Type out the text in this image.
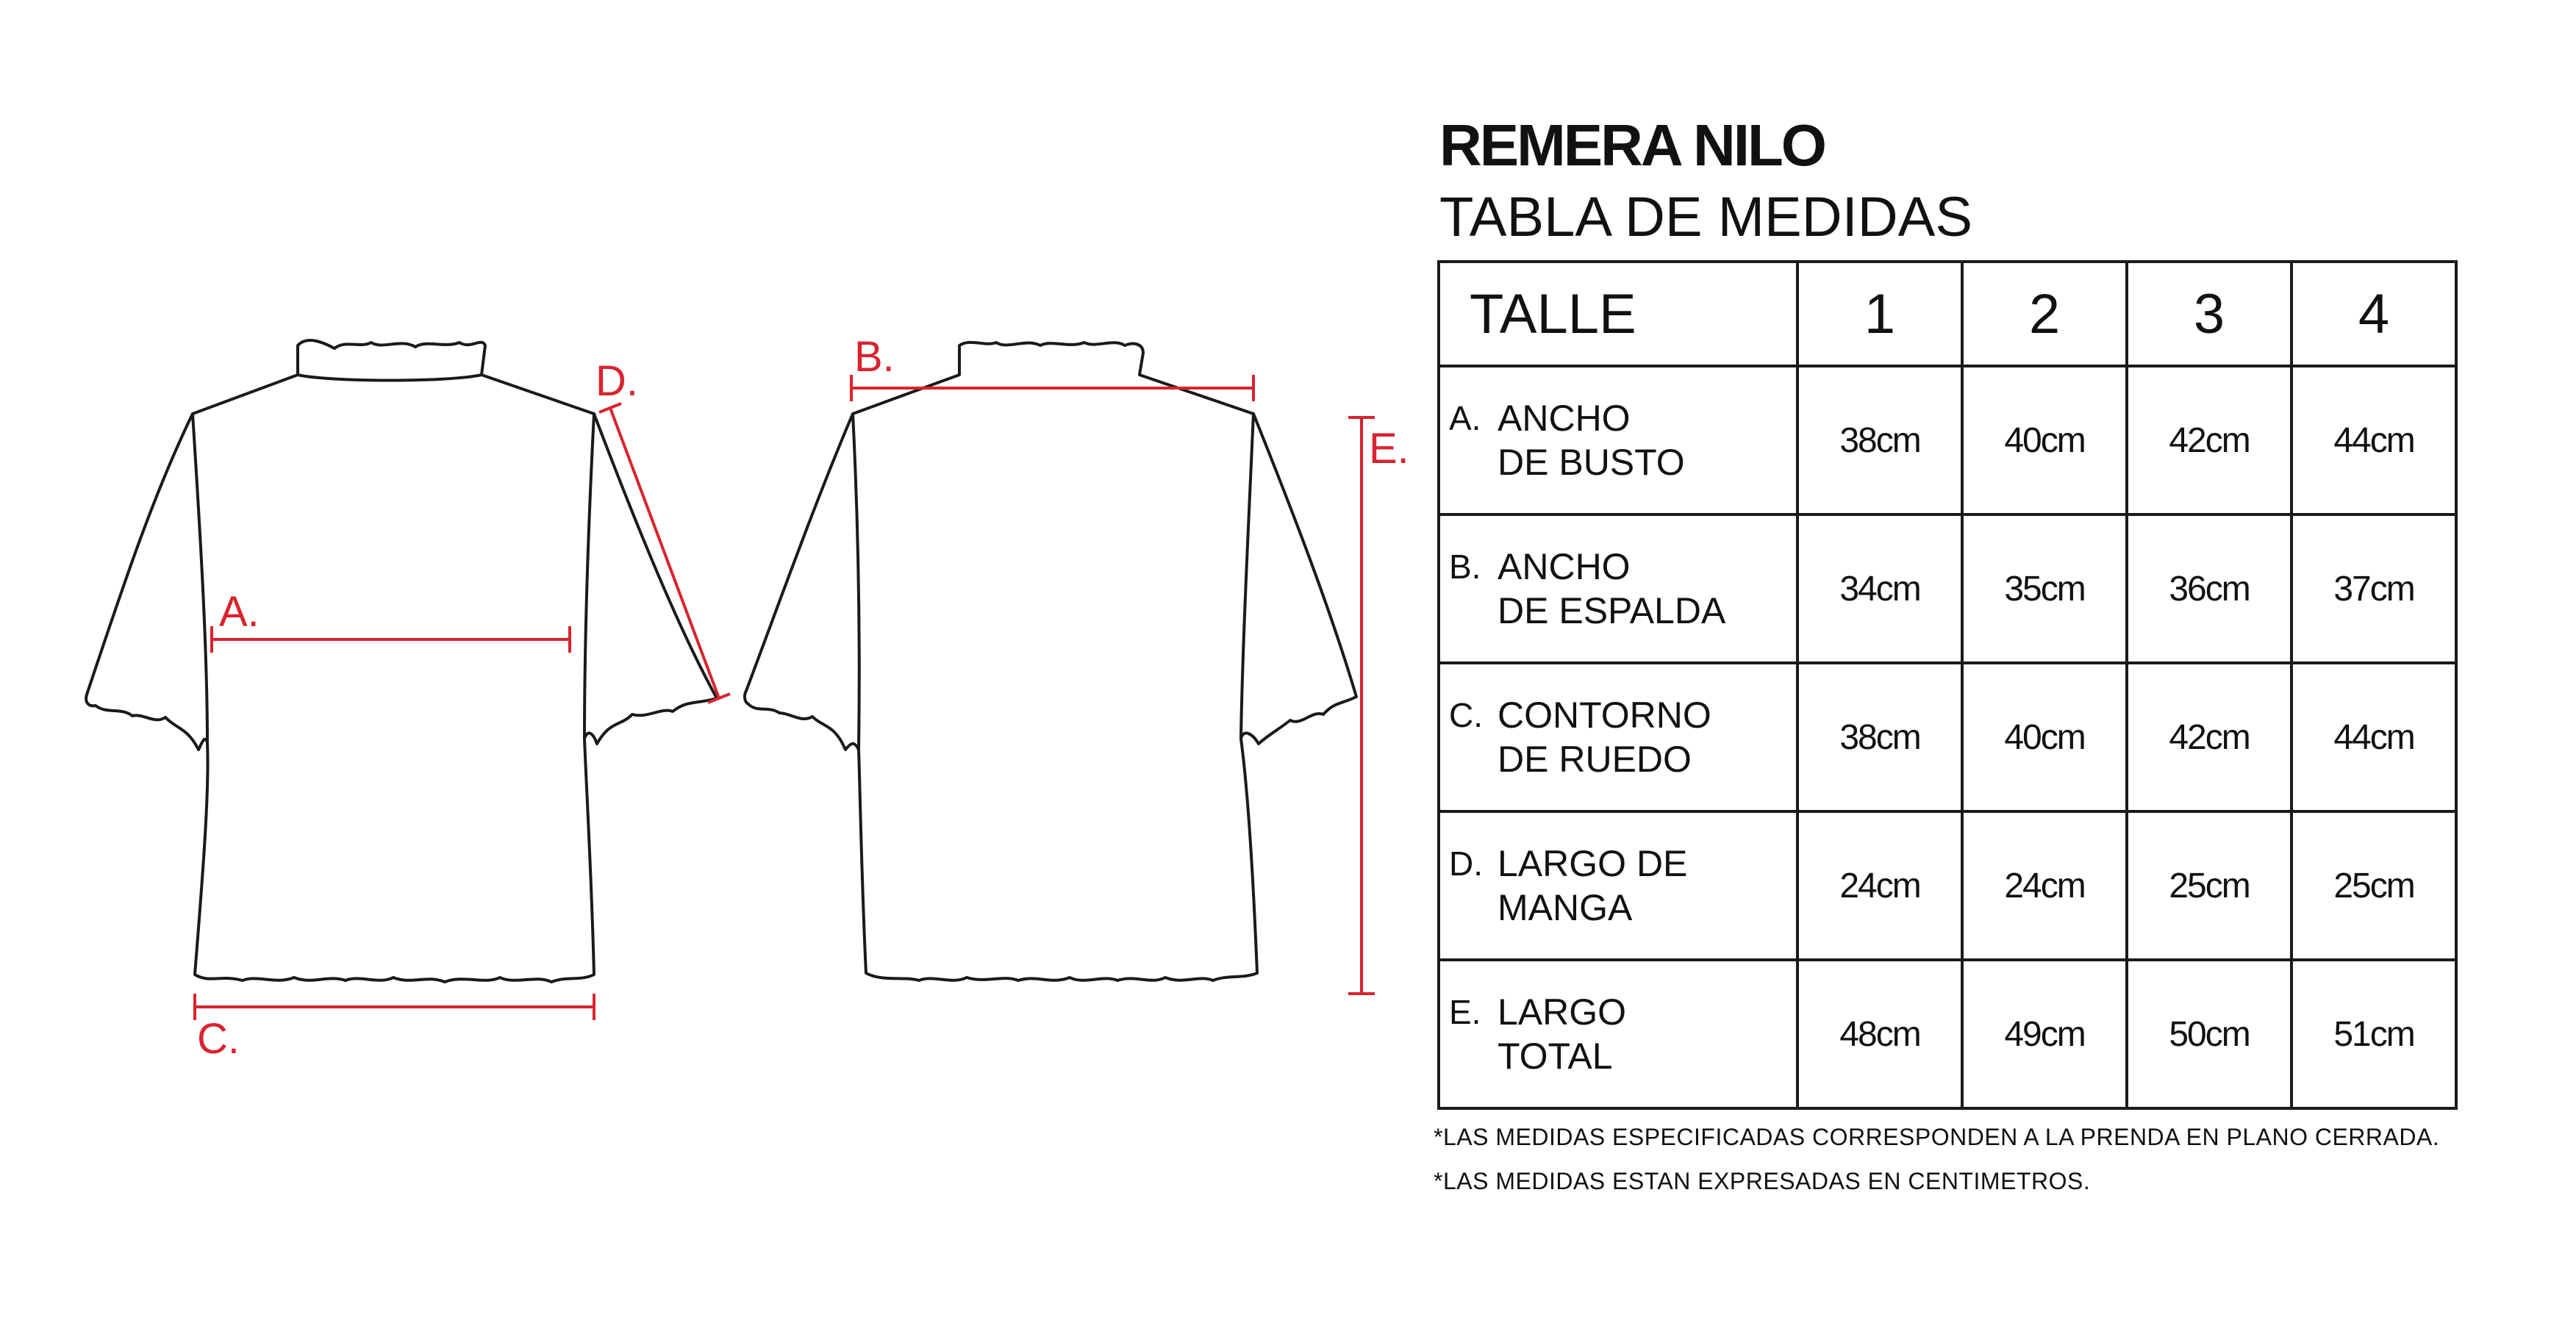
A.
B.
C.
D.
E.
REMERA NILO
TABLA DE MEDIDAS
TALLE	1	2	3	4

A. ANCHO
DE BUSTO	38cm	40cm	42cm	44cm

B. ANCHO
DE ESPALDA	34cm	35cm	36cm	37cm

C. CONTORNO
DE RUEDO	38cm	40cm	42cm	44cm

D. LARGO DE
MANGA	24cm	24cm	25cm	25cm

E. LARGO
TOTAL	48cm	49cm	50cm	51cm

*LAS MEDIDAS ESPECIFICADAS CORRESPONDEN A LA PRENDA EN PLANO CERRADA.

*LAS MEDIDAS ESTAN EXPRESADAS EN CENTIMETROS.
